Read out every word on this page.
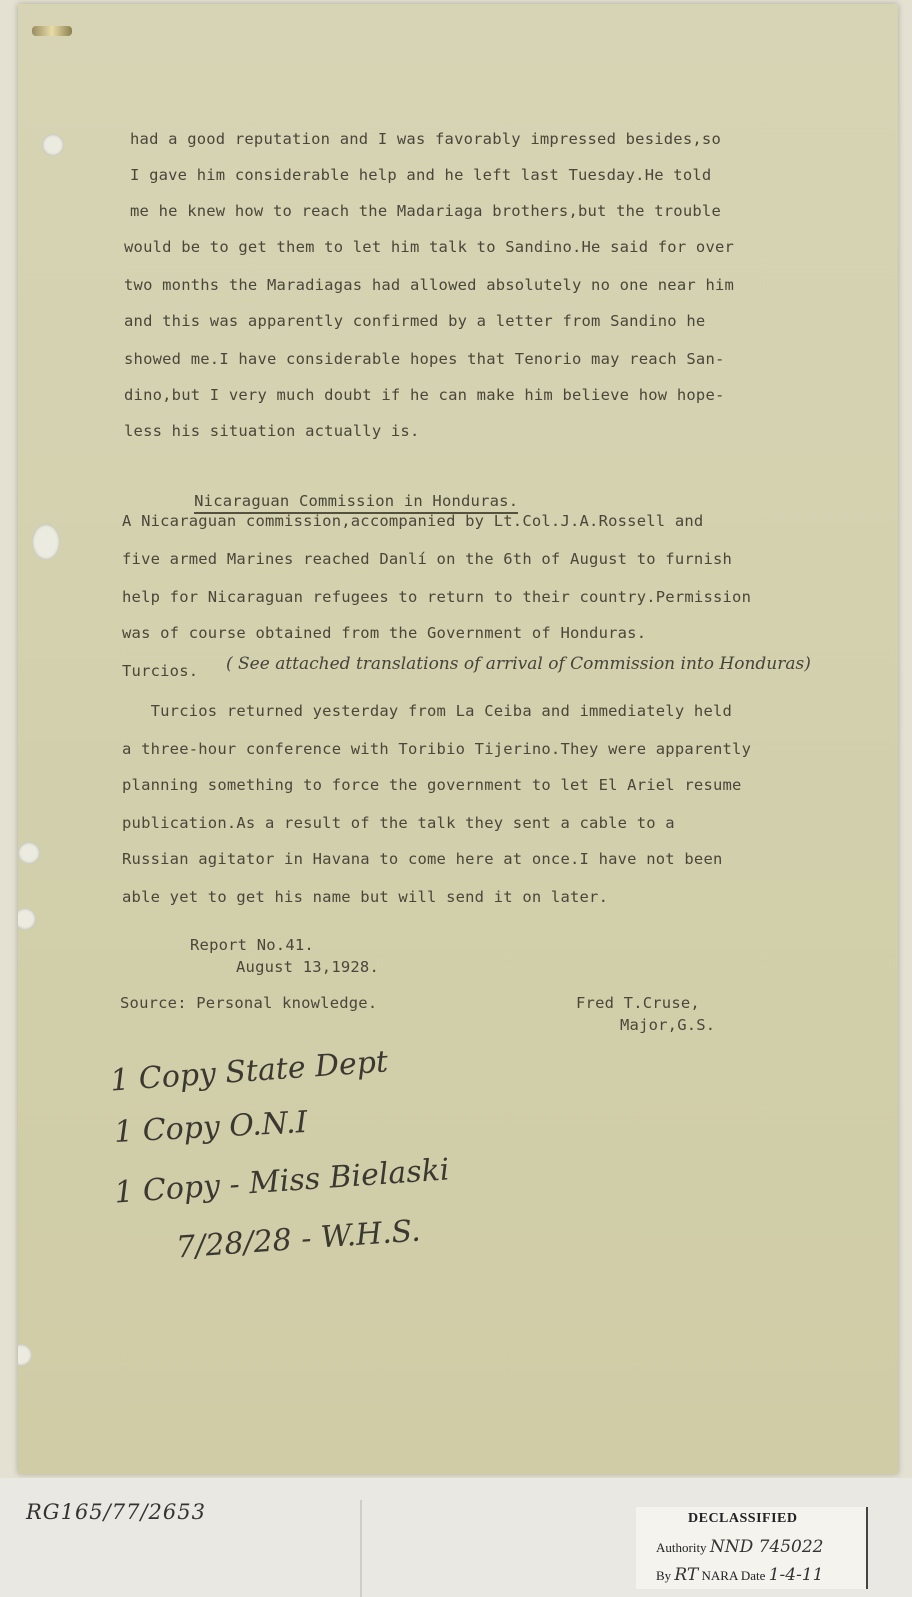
had a good reputation and I was favorably impressed besides,so
I gave him considerable help and he left last Tuesday.He told
me he knew how to reach the Madariaga brothers,but the trouble
would be to get them to let him talk to Sandino.He said for over
two months the Maradiagas had allowed absolutely no one near him
and this was apparently confirmed by a letter from Sandino he
showed me.I have considerable hopes that Tenorio may reach San-
dino,but I very much doubt if he can make him believe how hope-
less his situation actually is.

Nicaraguan Commission in Honduras.

A Nicaraguan commission,accompanied by Lt.Col.J.A.Rossell and
five armed Marines reached Danlí on the 6th of August to furnish
help for Nicaraguan refugees to return to their country.Permission
was of course obtained from the Government of Honduras.
Turcios. ( See attached translations of arrival of Commission into Honduras)
Turcios returned yesterday from La Ceiba and immediately held
a three-hour conference with Toribio Tijerino.They were apparently
planning something to force the government to let El Ariel resume
publication.As a result of the talk they sent a cable to a
Russian agitator in Havana to come here at once.I have not been
able yet to get his name but will send it on later.
Report No.41.
August 13,1928.
Source: Personal knowledge.	Fred T.Cruse,
Major,G.S.
1 Copy State Dept
1 Copy O.N.I
1 Copy - Miss Bielaski
7/28/28 - W.H.S.
RG165/77/2653	DECLASSIFIED
Authority NND 745022
By RT NARA Date 1-4-11
